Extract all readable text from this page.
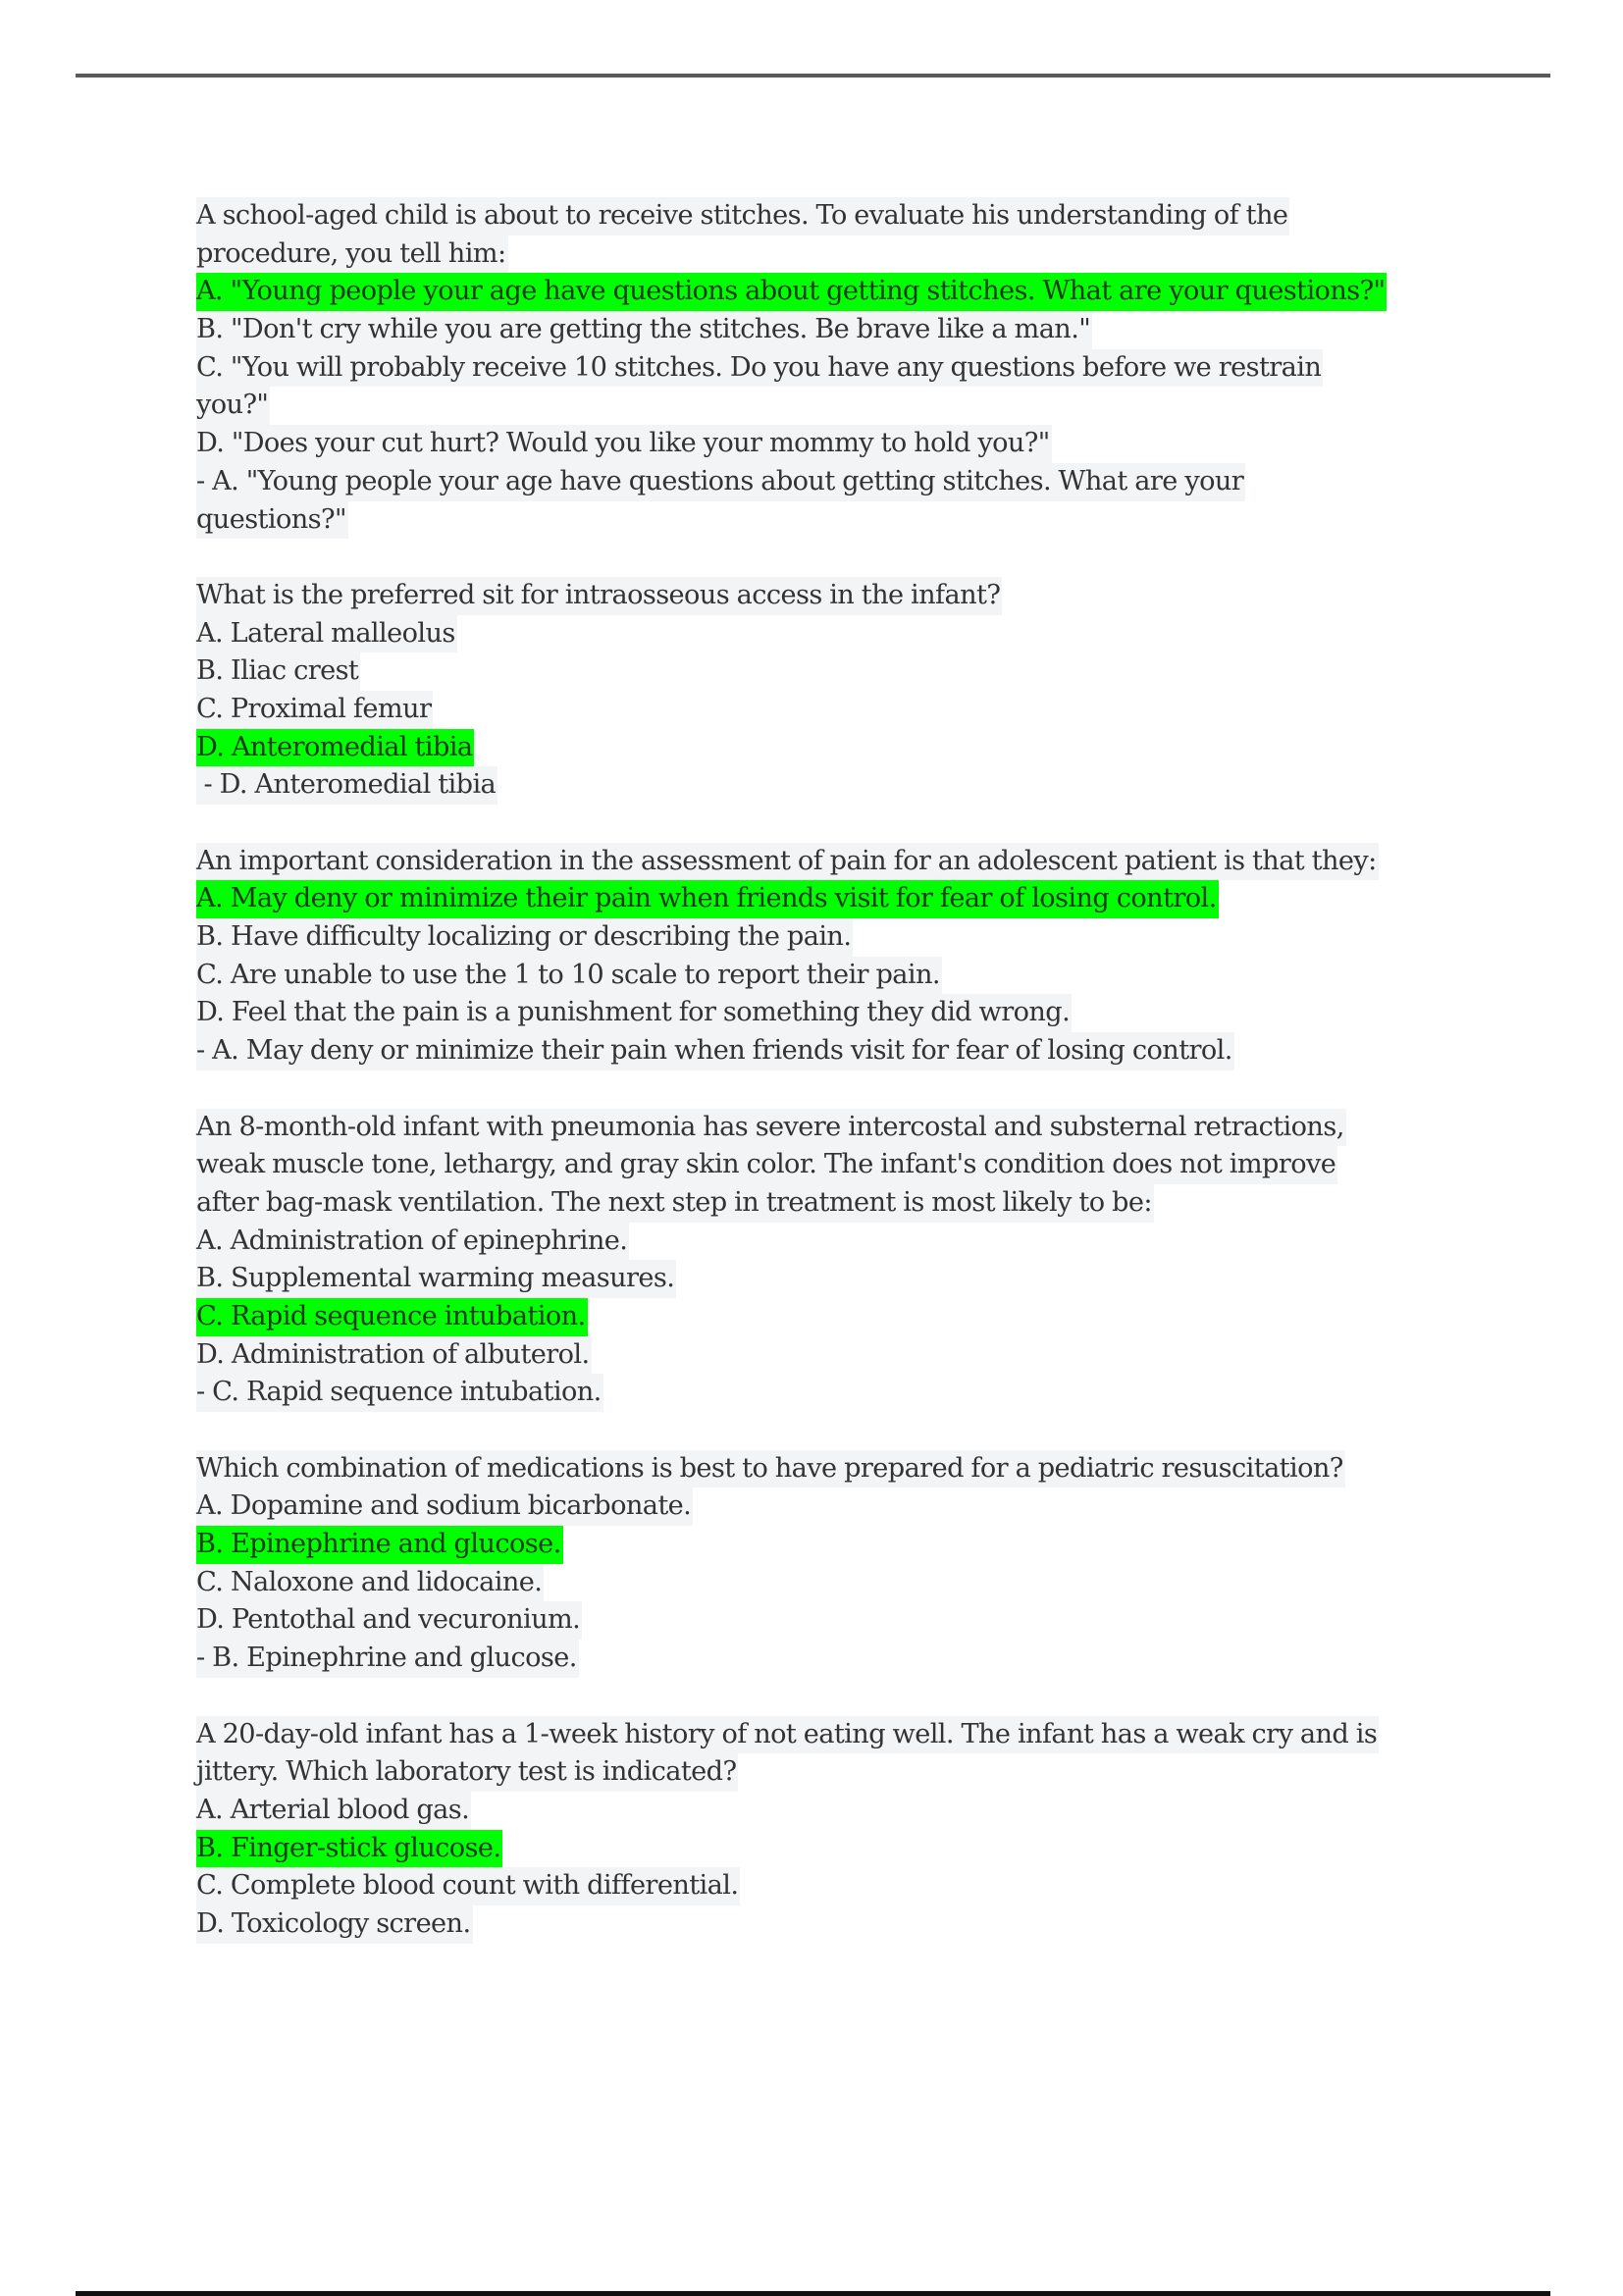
A school-aged child is about to receive stitches. To evaluate his understanding of the
procedure, you tell him:
A. "Young people your age have questions about getting stitches. What are your questions?"
B. "Don't cry while you are getting the stitches. Be brave like a man."
C. "You will probably receive 10 stitches. Do you have any questions before we restrain
you?"
D. "Does your cut hurt? Would you like your mommy to hold you?"
- A. "Young people your age have questions about getting stitches. What are your
questions?"
What is the preferred sit for intraosseous access in the infant?
A. Lateral malleolus
B. Iliac crest
C. Proximal femur
D. Anteromedial tibia
- D. Anteromedial tibia
An important consideration in the assessment of pain for an adolescent patient is that they:
A. May deny or minimize their pain when friends visit for fear of losing control.
B. Have difficulty localizing or describing the pain.
C. Are unable to use the 1 to 10 scale to report their pain.
D. Feel that the pain is a punishment for something they did wrong.
- A. May deny or minimize their pain when friends visit for fear of losing control.
An 8-month-old infant with pneumonia has severe intercostal and substernal retractions,
weak muscle tone, lethargy, and gray skin color. The infant's condition does not improve
after bag-mask ventilation. The next step in treatment is most likely to be:
A. Administration of epinephrine.
B. Supplemental warming measures.
C. Rapid sequence intubation.
D. Administration of albuterol.
- C. Rapid sequence intubation.
Which combination of medications is best to have prepared for a pediatric resuscitation?
A. Dopamine and sodium bicarbonate.
B. Epinephrine and glucose.
C. Naloxone and lidocaine.
D. Pentothal and vecuronium.
- B. Epinephrine and glucose.
A 20-day-old infant has a 1-week history of not eating well. The infant has a weak cry and is
jittery. Which laboratory test is indicated?
A. Arterial blood gas.
B. Finger-stick glucose.
C. Complete blood count with differential.
D. Toxicology screen.
